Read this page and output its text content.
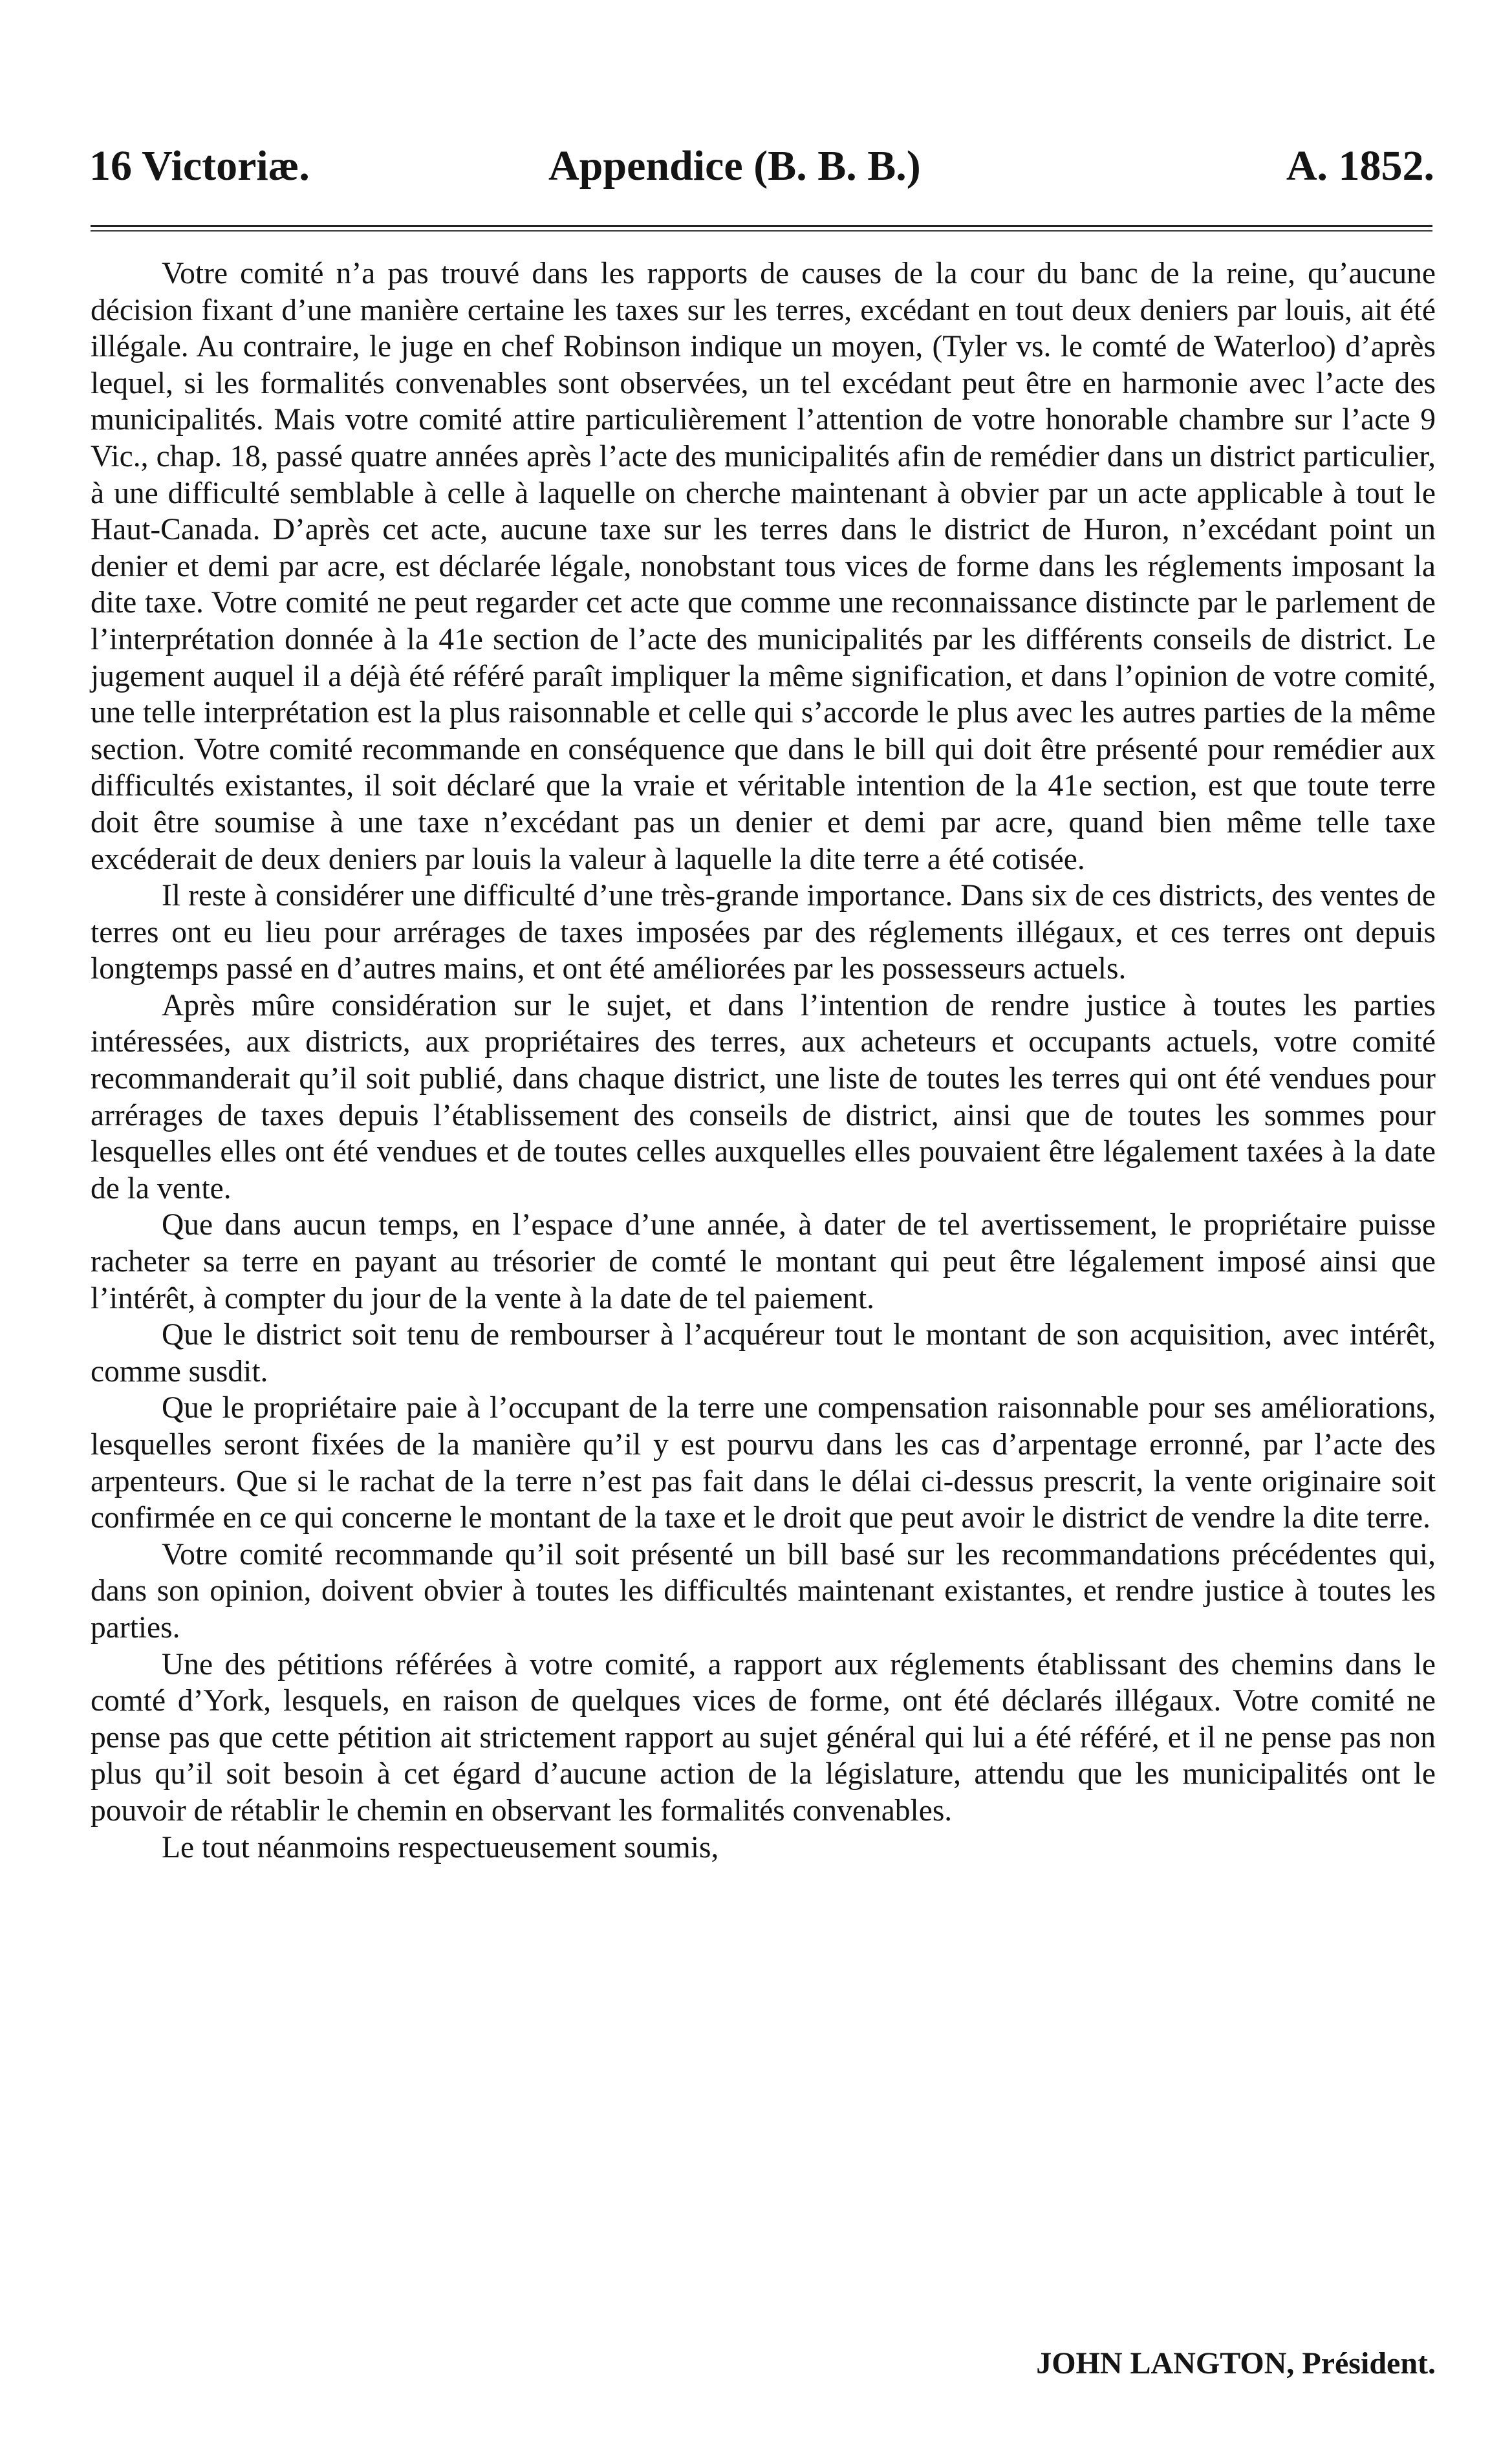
16 Victoriæ.	Appendice (B. B. B.)	A. 1852.

Votre comité n’a pas trouvé dans les rapports de causes de la cour du banc de la reine, qu’aucune décision fixant d’une manière certaine les taxes sur les terres, excédant en tout deux deniers par louis, ait été illégale. Au contraire, le juge en chef Robinson indique un moyen, (Tyler vs. le comté de Waterloo) d’après lequel, si les formalités convenables sont observées, un tel excédant peut être en harmonie avec l’acte des municipalités. Mais votre comité attire particulièrement l’attention de votre honorable chambre sur l’acte 9 Vic., chap. 18, passé quatre années après l’acte des municipalités afin de remédier dans un district particulier, à une difficulté semblable à celle à laquelle on cherche maintenant à obvier par un acte applicable à tout le Haut-Canada. D’après cet acte, aucune taxe sur les terres dans le district de Huron, n’excédant point un denier et demi par acre, est déclarée légale, nonobstant tous vices de forme dans les réglements imposant la dite taxe. Votre comité ne peut regarder cet acte que comme une reconnaissance distincte par le parlement de l’interprétation donnée à la 41e section de l’acte des municipalités par les différents conseils de district. Le jugement auquel il a déjà été référé paraît impliquer la même signification, et dans l’opinion de votre comité, une telle interprétation est la plus raisonnable et celle qui s’accorde le plus avec les autres parties de la même section. Votre comité recommande en conséquence que dans le bill qui doit être présenté pour remédier aux difficultés existantes, il soit déclaré que la vraie et véritable intention de la 41e section, est que toute terre doit être soumise à une taxe n’excédant pas un denier et demi par acre, quand bien même telle taxe excéderait de deux deniers par louis la valeur à laquelle la dite terre a été cotisée.

Il reste à considérer une difficulté d’une très-grande importance. Dans six de ces districts, des ventes de terres ont eu lieu pour arrérages de taxes imposées par des réglements illégaux, et ces terres ont depuis longtemps passé en d’autres mains, et ont été améliorées par les possesseurs actuels.

Après mûre considération sur le sujet, et dans l’intention de rendre justice à toutes les parties intéressées, aux districts, aux propriétaires des terres, aux acheteurs et occupants actuels, votre comité recommanderait qu’il soit publié, dans chaque district, une liste de toutes les terres qui ont été vendues pour arrérages de taxes depuis l’établissement des conseils de district, ainsi que de toutes les sommes pour lesquelles elles ont été vendues et de toutes celles auxquelles elles pouvaient être légalement taxées à la date de la vente.

Que dans aucun temps, en l’espace d’une année, à dater de tel avertissement, le propriétaire puisse racheter sa terre en payant au trésorier de comté le montant qui peut être légalement imposé ainsi que l’intérêt, à compter du jour de la vente à la date de tel paiement.

Que le district soit tenu de rembourser à l’acquéreur tout le montant de son acquisition, avec intérêt, comme susdit.

Que le propriétaire paie à l’occupant de la terre une compensation raisonnable pour ses améliorations, lesquelles seront fixées de la manière qu’il y est pourvu dans les cas d’arpentage erronné, par l’acte des arpenteurs. Que si le rachat de la terre n’est pas fait dans le délai ci-dessus prescrit, la vente originaire soit confirmée en ce qui concerne le montant de la taxe et le droit que peut avoir le district de vendre la dite terre.

Votre comité recommande qu’il soit présenté un bill basé sur les recommandations précédentes qui, dans son opinion, doivent obvier à toutes les difficultés maintenant existantes, et rendre justice à toutes les parties.

Une des pétitions référées à votre comité, a rapport aux réglements établissant des chemins dans le comté d’York, lesquels, en raison de quelques vices de forme, ont été déclarés illégaux. Votre comité ne pense pas que cette pétition ait strictement rapport au sujet général qui lui a été référé, et il ne pense pas non plus qu’il soit besoin à cet égard d’aucune action de la législature, attendu que les municipalités ont le pouvoir de rétablir le chemin en observant les formalités convenables.

Le tout néanmoins respectueusement soumis,

JOHN LANGTON, Président.
